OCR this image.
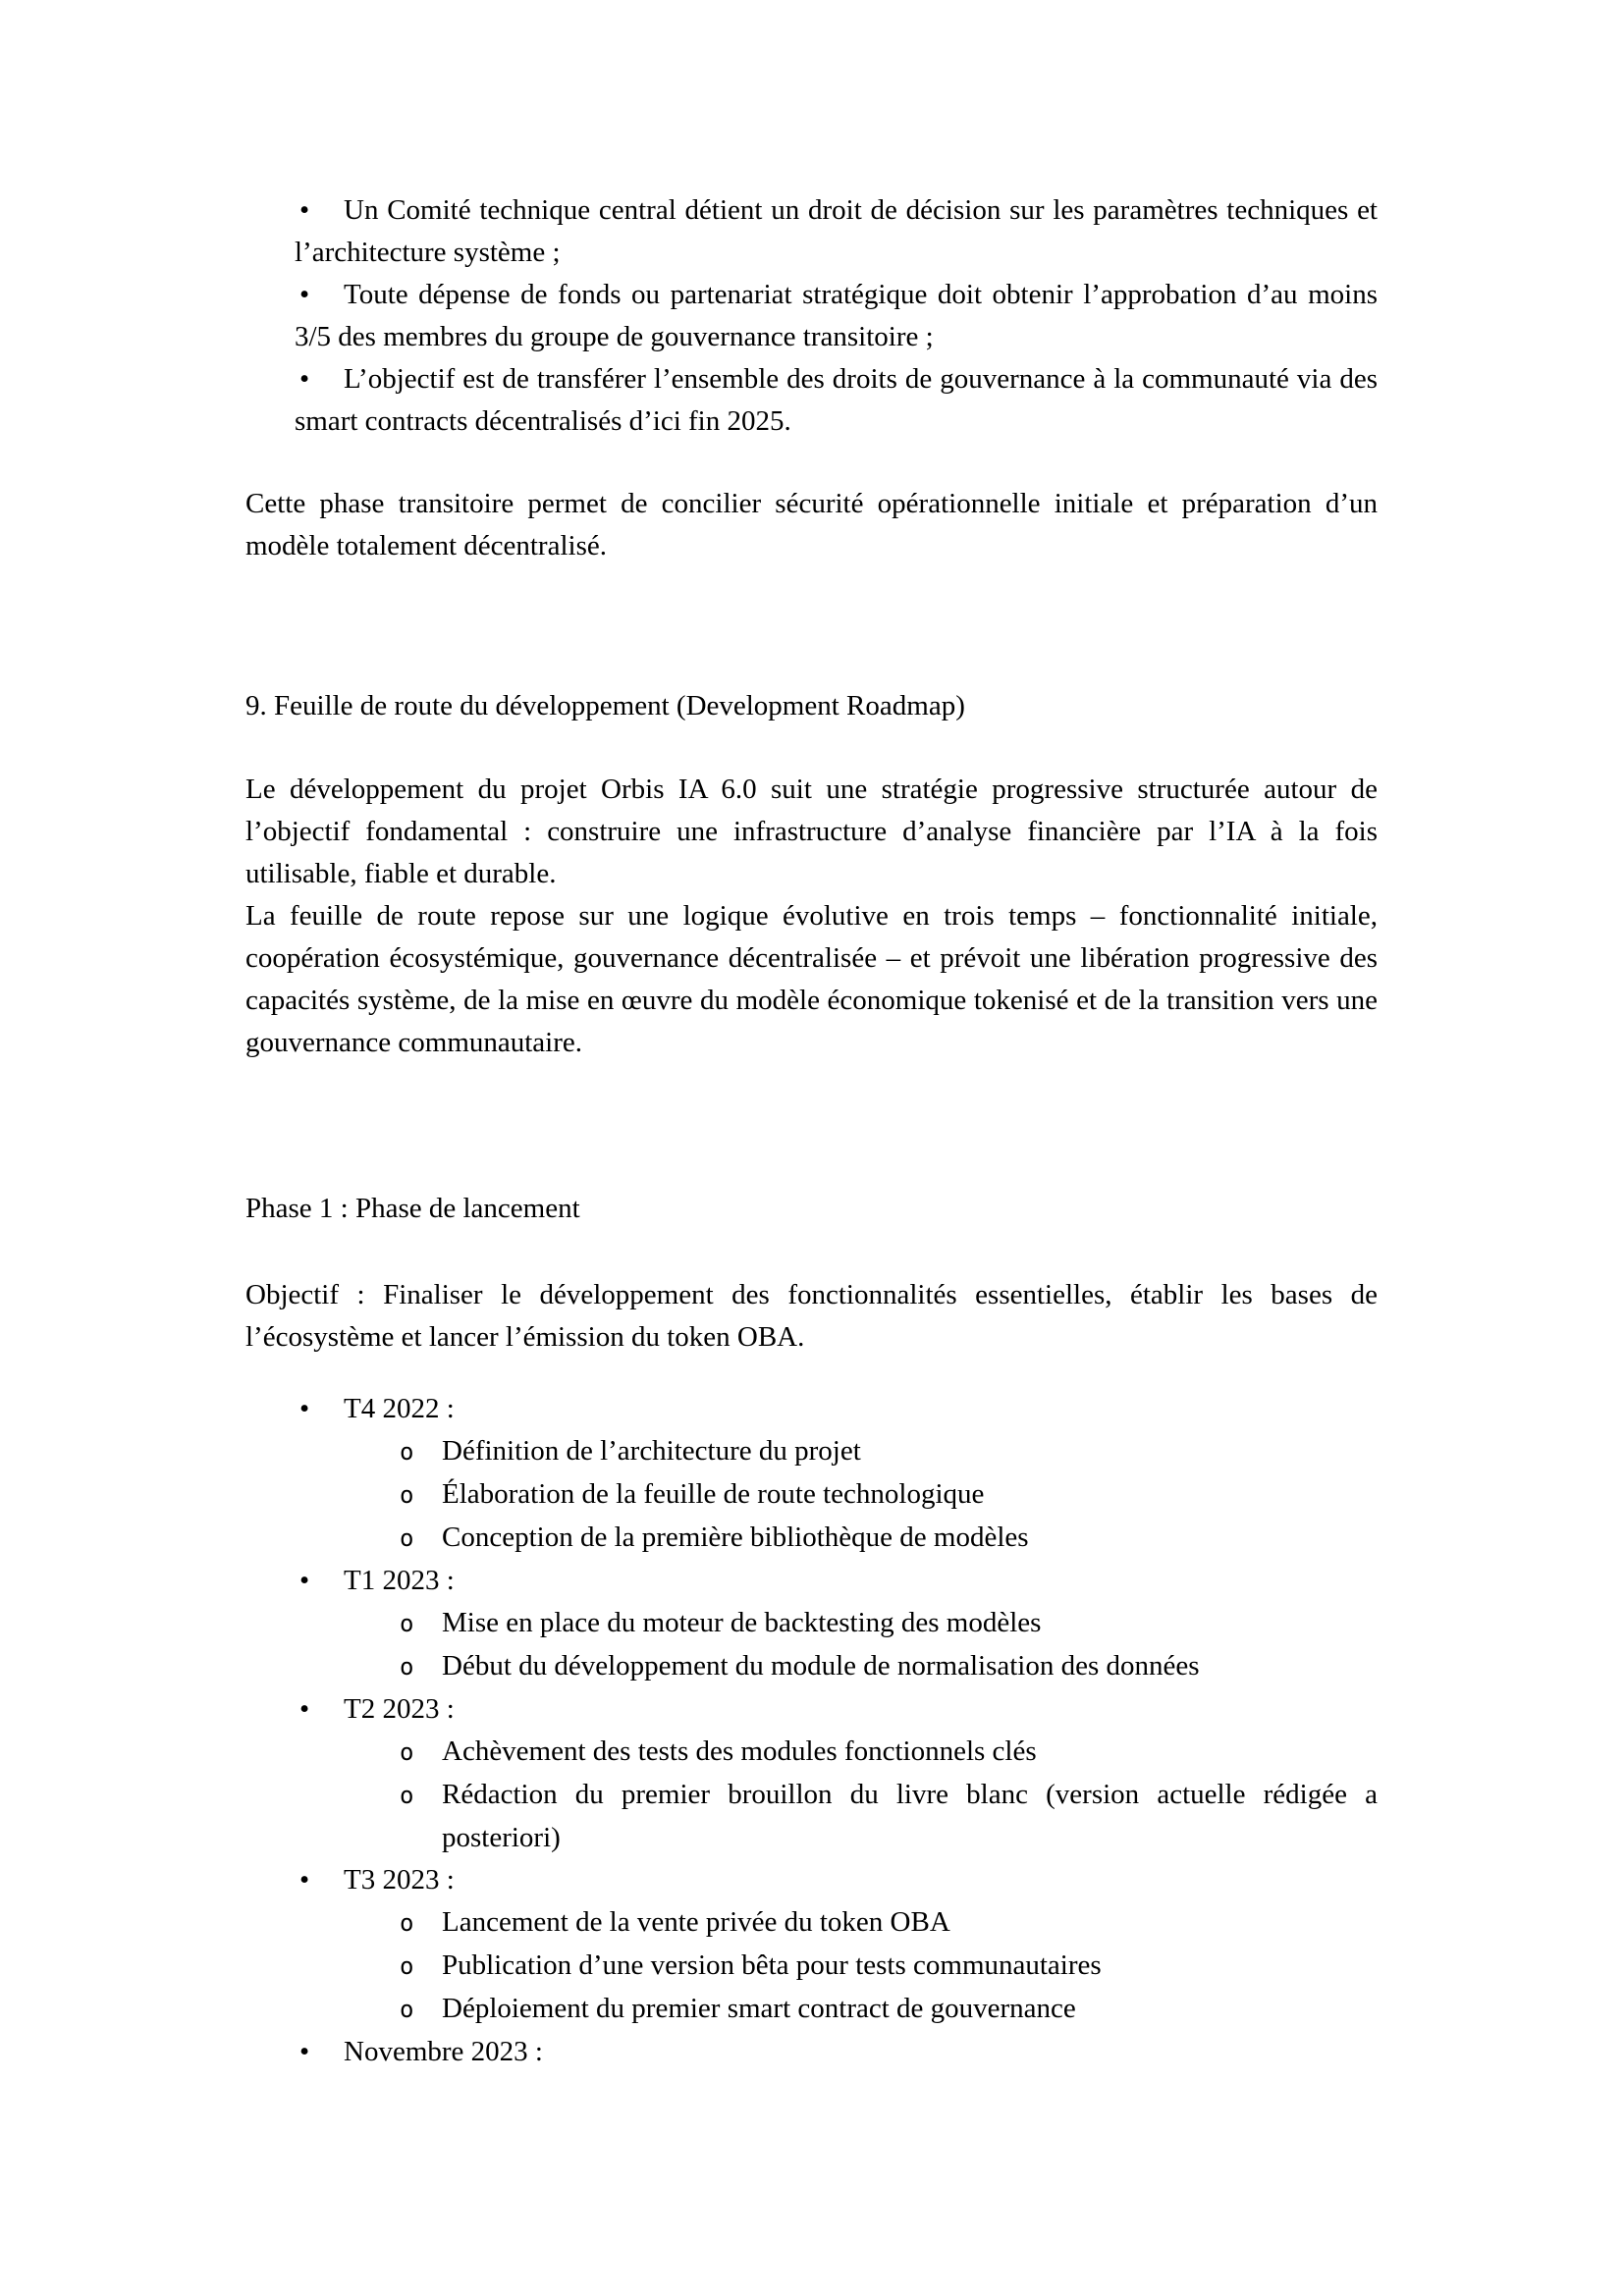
• Un Comité technique central détient un droit de décision sur les paramètres techniques et l’architecture système ;
• Toute dépense de fonds ou partenariat stratégique doit obtenir l’approbation d’au moins 3/5 des membres du groupe de gouvernance transitoire ;
• L’objectif est de transférer l’ensemble des droits de gouvernance à la communauté via des smart contracts décentralisés d’ici fin 2025.

Cette phase transitoire permet de concilier sécurité opérationnelle initiale et préparation d’un modèle totalement décentralisé.

9. Feuille de route du développement (Development Roadmap)

Le développement du projet Orbis IA 6.0 suit une stratégie progressive structurée autour de l’objectif fondamental : construire une infrastructure d’analyse financière par l’IA à la fois utilisable, fiable et durable.

La feuille de route repose sur une logique évolutive en trois temps – fonctionnalité initiale, coopération écosystémique, gouvernance décentralisée – et prévoit une libération progressive des capacités système, de la mise en œuvre du modèle économique tokenisé et de la transition vers une gouvernance communautaire.

Phase 1 : Phase de lancement

Objectif : Finaliser le développement des fonctionnalités essentielles, établir les bases de l’écosystème et lancer l’émission du token OBA.

• T4 2022 :
o Définition de l’architecture du projet
o Élaboration de la feuille de route technologique
o Conception de la première bibliothèque de modèles
• T1 2023 :
o Mise en place du moteur de backtesting des modèles
o Début du développement du module de normalisation des données
• T2 2023 :
o Achèvement des tests des modules fonctionnels clés
o Rédaction du premier brouillon du livre blanc (version actuelle rédigée a posteriori)
• T3 2023 :
o Lancement de la vente privée du token OBA
o Publication d’une version bêta pour tests communautaires
o Déploiement du premier smart contract de gouvernance
• Novembre 2023 :
